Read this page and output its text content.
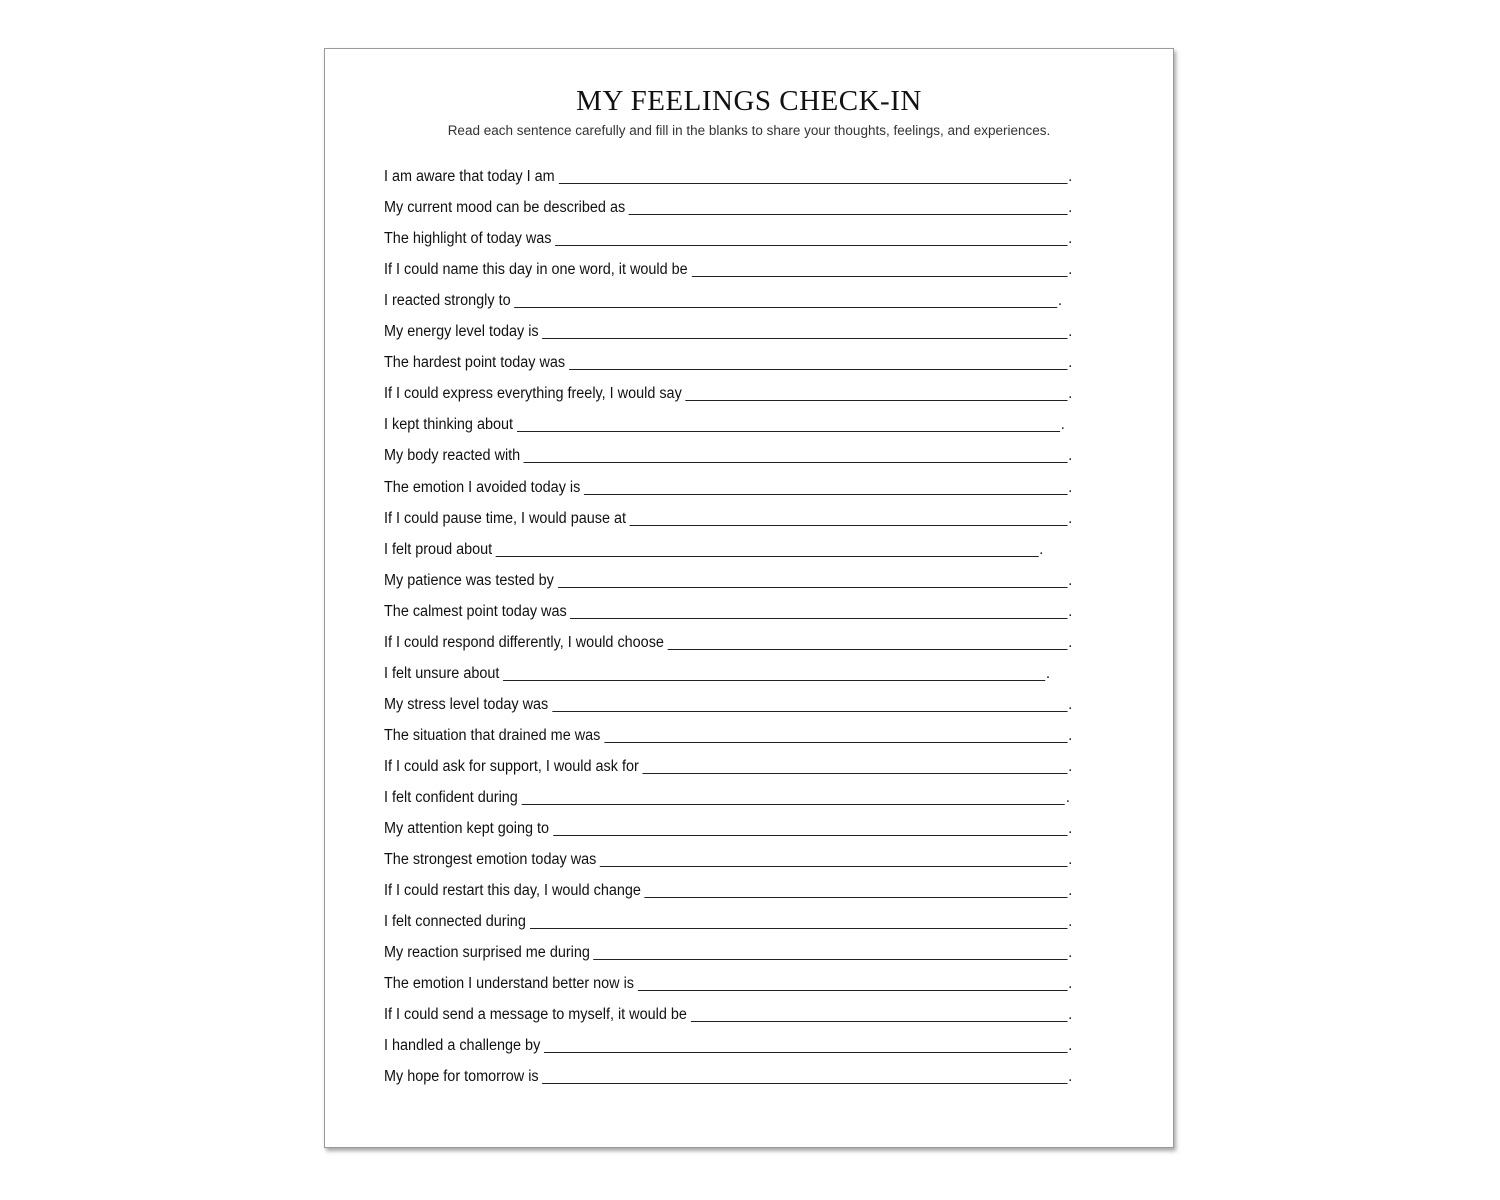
MY FEELINGS CHECK-IN

Read each sentence carefully and fill in the blanks to share your thoughts, feelings, and experiences.

I am aware that today I am	.
My current mood can be described as	.
The highlight of today was	.
If I could name this day in one word, it would be	.
I reacted strongly to	.
My energy level today is	.
The hardest point today was	.
If I could express everything freely, I would say	.
I kept thinking about	.
My body reacted with	.
The emotion I avoided today is	.
If I could pause time, I would pause at	.
I felt proud about	.
My patience was tested by	.
The calmest point today was	.
If I could respond differently, I would choose	.
I felt unsure about	.
My stress level today was	.
The situation that drained me was	.
If I could ask for support, I would ask for	.
I felt confident during	.
My attention kept going to	.
The strongest emotion today was	.
If I could restart this day, I would change	.
I felt connected during	.
My reaction surprised me during	.
The emotion I understand better now is	.
If I could send a message to myself, it would be	.
I handled a challenge by	.
My hope for tomorrow is	.
